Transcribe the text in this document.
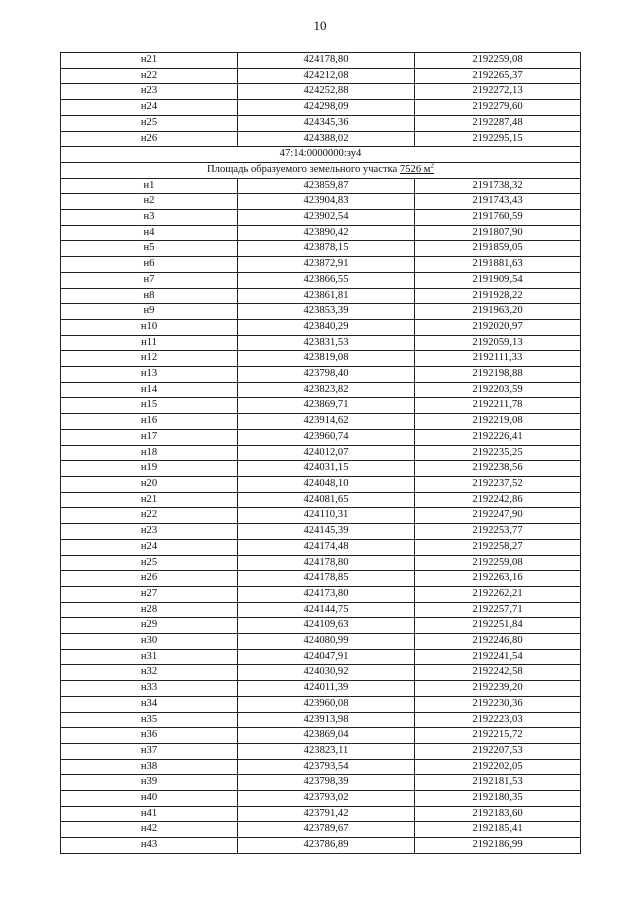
10
н21	424178,80	2192259,08
н22	424212,08	2192265,37
н23	424252,88	2192272,13
н24	424298,09	2192279,60
н25	424345,36	2192287,48
н26	424388,02	2192295,15
47:14:0000000:зу4		
Площадь образуемого земельного участка 7526 $м^2$
н1	423859,87	2191738,32
н2	423904,83	2191743,43
н3	423902,54	2191760,59
н4	423890,42	2191807,90
н5	423878,15	2191859,05
н6	423872,91	2191881,63
н7	423866,55	2191909,54
н8	423861,81	2191928,22
н9	423853,39	2191963,20
н10	423840,29	2192020,97
н11	423831,53	2192059,13
н12	423819,08	2192111,33
н13	423798,40	2192198,88
н14	423823,82	2192203,59
н15	423869,71	2192211,78
н16	423914,62	2192219,08
н17	423960,74	2192226,41
н18	424012,07	2192235,25
н19	424031,15	2192238,56
н20	424048,10	2192237,52
н21	424081,65	2192242,86
н22	424110,31	2192247,90
н23	424145,39	2192253,77
н24	424174,48	2192258,27
н25	424178,80	2192259,08
н26	424178,85	2192263,16
н27	424173,80	2192262,21
н28	424144,75	2192257,71
н29	424109,63	2192251,84
н30	424080,99	2192246,80
н31	424047,91	2192241,54
н32	424030,92	2192242,58
н33	424011,39	2192239,20
н34	423960,08	2192230,36
н35	423913,98	2192223,03
н36	423869,04	2192215,72
н37	423823,11	2192207,53
н38	423793,54	2192202,05
н39	423798,39	2192181,53
н40	423793,02	2192180,35
н41	423791,42	2192183,60
н42	423789,67	2192185,41
н43	423786,89	2192186,99
